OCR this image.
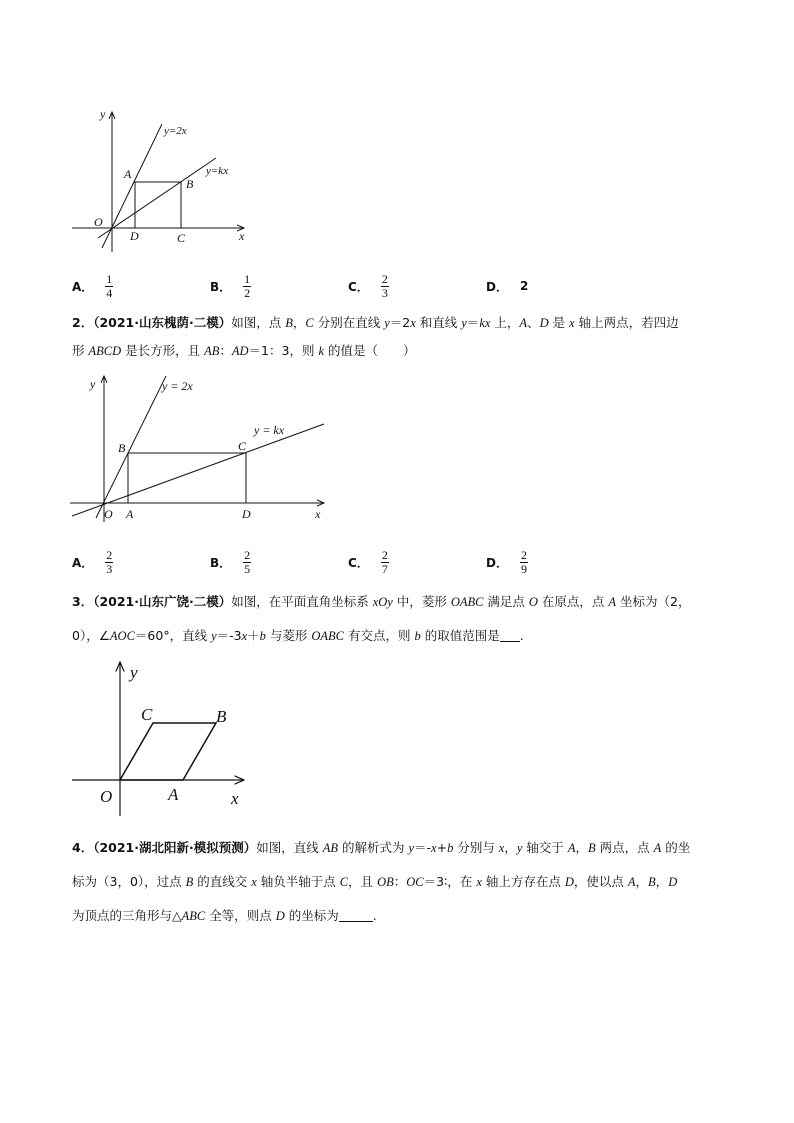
y
x
y=2x
y=kx
A
B
C
D
O
A． $\frac{1}{4}$	B． $\frac{1}{2}$	C． $\frac{2}{3}$	D． 2
2．（2021·山东槐荫·二模）如图，点 B，C 分别在直线 y＝2x 和直线 y＝kx 上，A、D 是 x 轴上两点，若四边
形 ABCD 是长方形，且 AB：AD＝1：3，则 k 的值是（　　）
y
x
y = 2x
y = kx
B	C
A	D
O
A． $\frac{2}{3}$	B． $\frac{2}{5}$	C． $\frac{2}{7}$	D． $\frac{2}{9}$
3．（2021·山东广饶·二模）如图，在平面直角坐标系 xOy 中，菱形 OABC 满足点 O 在原点，点 A 坐标为（2，
0），∠AOC＝60°，直线 y＝-3x＋b 与菱形 OABC 有交点，则 b 的取值范围是 .
y
x
C	B
O	A
4．（2021·湖北阳新·模拟预测）如图，直线 AB 的解析式为 y＝-x+b 分别与 x，y 轴交于 A，B 两点，点 A 的坐
标为（3，0），过点 B 的直线交 x 轴负半轴于点 C，且 OB：OC＝3∶，在 x 轴上方存在点 D，使以点 A，B，D
为顶点的三角形与△ABC 全等，则点 D 的坐标为	.
